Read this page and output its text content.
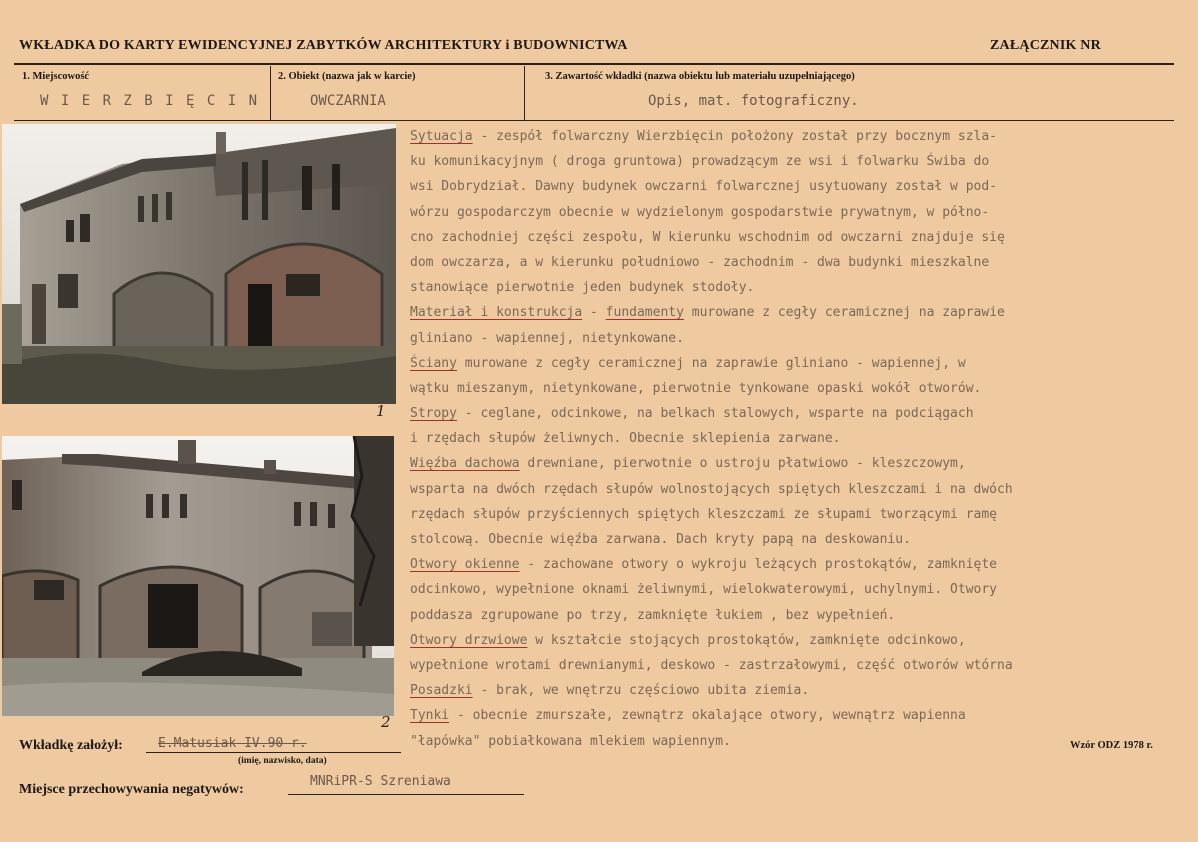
WKŁADKA DO KARTY EWIDENCYJNEJ ZABYTKÓW ARCHITEKTURY i BUDOWNICTWA	ZAŁĄCZNIK NR
1. Miejscowość
W I E R Z B I Ę C I N
2. Obiekt (nazwa jak w karcie)
OWCZARNIA
3. Zawartość wkładki (nazwa obiektu lub materiału uzupełniającego)
Opis, mat. fotograficzny.
1
2
Sytuacja - zespół folwarczny Wierzbięcin położony został przy bocznym szla-
ku komunikacyjnym ( droga gruntowa) prowadzącym ze wsi i folwarku Świba do
wsi Dobrydział. Dawny budynek owczarni folwarcznej usytuowany został w pod-
wórzu gospodarczym obecnie w wydzielonym gospodarstwie prywatnym, w półno-
cno zachodniej części zespołu, W kierunku wschodnim od owczarni znajduje się
dom owczarza, a w kierunku południowo - zachodnim - dwa budynki mieszkalne
stanowiące pierwotnie jeden budynek stodoły.
Materiał i konstrukcja - fundamenty murowane z cegły ceramicznej na zaprawie
gliniano - wapiennej, nietynkowane.
Ściany murowane z cegły ceramicznej na zaprawie gliniano - wapiennej, w
wątku mieszanym, nietynkowane, pierwotnie tynkowane opaski wokół otworów.
Stropy - ceglane, odcinkowe, na belkach stalowych, wsparte na podciągach
i rzędach słupów żeliwnych. Obecnie sklepienia zarwane.
Więźba dachowa drewniane, pierwotnie o ustroju płatwiowo - kleszczowym,
wsparta na dwóch rzędach słupów wolnostojących spiętych kleszczami i na dwóch
rzędach słupów przyściennych spiętych kleszczami ze słupami tworzącymi ramę
stolcową. Obecnie więźba zarwana. Dach kryty papą na deskowaniu.
Otwory okienne - zachowane otwory o wykroju leżących prostokątów, zamknięte
odcinkowo, wypełnione oknami żeliwnymi, wielokwaterowymi, uchylnymi. Otwory
poddasza zgrupowane po trzy, zamknięte łukiem , bez wypełnień.
Otwory drzwiowe w kształcie stojących prostokątów, zamknięte odcinkowo,
wypełnione wrotami drewnianymi, deskowo - zastrzałowymi, część otworów wtórna
Posadzki - brak, we wnętrzu częściowo ubita ziemia.
Tynki - obecnie zmurszałe, zewnątrz okalające otwory, wewnątrz wapienna
"łapówka" pobiałkowana mlekiem wapiennym.
Wkładkę założył:	E.Matusiak IV.90 r.
(imię, nazwisko, data)
Wzór ODZ 1978 r.
Miejsce przechowywania negatywów:
MNRiPR-S Szreniawa
